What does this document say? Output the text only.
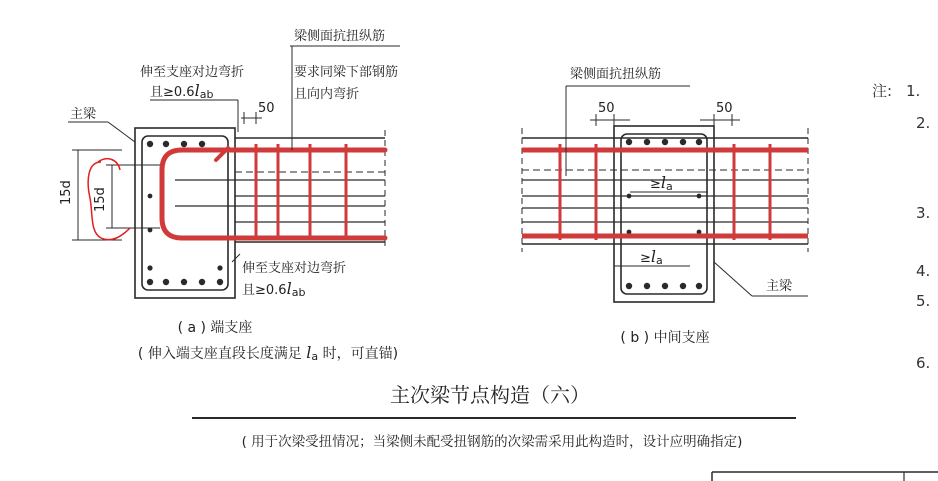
50
梁侧面抗扭纵筋
要求同梁下部钢筋
且向内弯折
伸至支座对边弯折
且≥0.6lab
主梁
15d 15d
伸至支座对边弯折
且≥0.6lab
( a ) 端支座
( 伸入端支座直段长度满足 la 时，可直锚)
50	50
梁侧面抗扭纵筋
≥la
≥la
主梁
( b ) 中间支座
主次梁节点构造（六）
( 用于次梁受扭情况；当梁侧未配受扭钢筋的次梁需采用此构造时，设计应明确指定)
注: 1.
2.
3.
4.
5.
6.
